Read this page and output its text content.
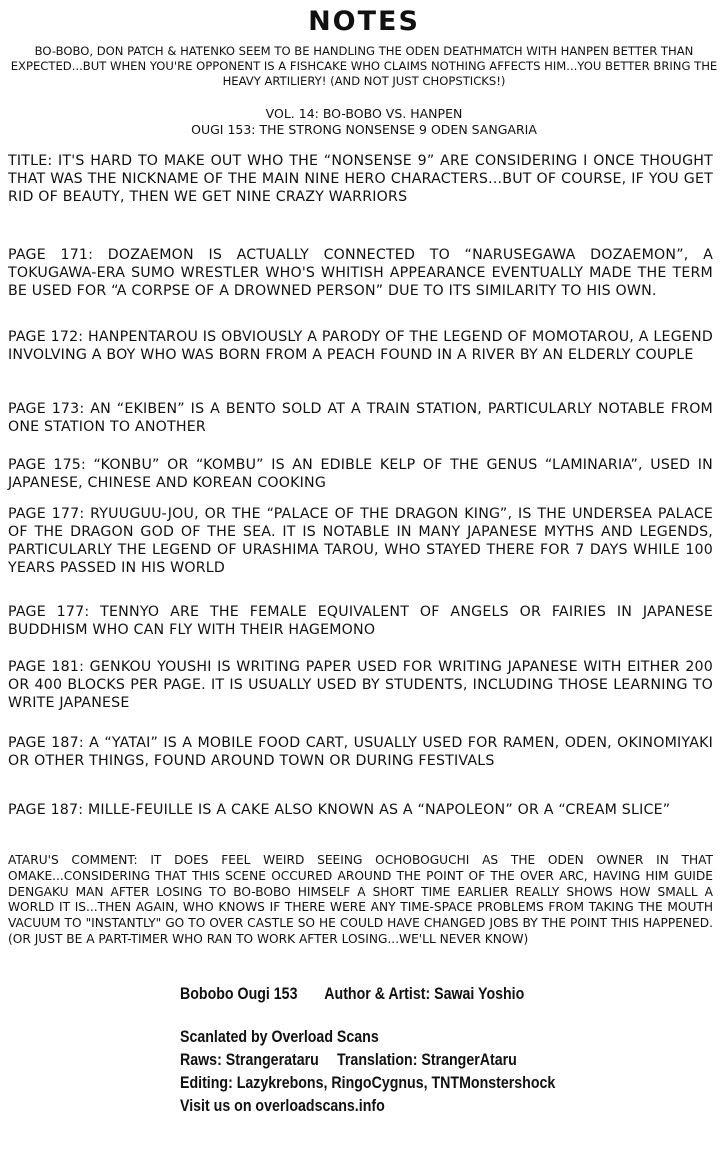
NOTES
BO-BOBO, DON PATCH & HATENKO SEEM TO BE HANDLING THE ODEN DEATHMATCH WITH HANPEN BETTER THAN EXPECTED...BUT WHEN YOU'RE OPPONENT IS A FISHCAKE WHO CLAIMS NOTHING AFFECTS HIM...YOU BETTER BRING THE HEAVY ARTILIERY! (AND NOT JUST CHOPSTICKS!)
VOL. 14: BO-BOBO VS. HANPEN
OUGI 153: THE STRONG NONSENSE 9 ODEN SANGARIA
TITLE: IT'S HARD TO MAKE OUT WHO THE “NONSENSE 9” ARE CONSIDERING I ONCE THOUGHT THAT WAS THE NICKNAME OF THE MAIN NINE HERO CHARACTERS...BUT OF COURSE, IF YOU GET RID OF BEAUTY, THEN WE GET NINE CRAZY WARRIORS
PAGE 171: DOZAEMON IS ACTUALLY CONNECTED TO “NARUSEGAWA DOZAEMON”, A TOKUGAWA-ERA SUMO WRESTLER WHO'S WHITISH APPEARANCE EVENTUALLY MADE THE TERM BE USED FOR “A CORPSE OF A DROWNED PERSON” DUE TO ITS SIMILARITY TO HIS OWN.
PAGE 172: HANPENTAROU IS OBVIOUSLY A PARODY OF THE LEGEND OF MOMOTAROU, A LEGEND INVOLVING A BOY WHO WAS BORN FROM A PEACH FOUND IN A RIVER BY AN ELDERLY COUPLE
PAGE 173: AN “EKIBEN” IS A BENTO SOLD AT A TRAIN STATION, PARTICULARLY NOTABLE FROM ONE STATION TO ANOTHER
PAGE 175: “KONBU” OR “KOMBU” IS AN EDIBLE KELP OF THE GENUS “LAMINARIA”, USED IN JAPANESE, CHINESE AND KOREAN COOKING
PAGE 177: RYUUGUU-JOU, OR THE “PALACE OF THE DRAGON KING”, IS THE UNDERSEA PALACE OF THE DRAGON GOD OF THE SEA. IT IS NOTABLE IN MANY JAPANESE MYTHS AND LEGENDS, PARTICULARLY THE LEGEND OF URASHIMA TAROU, WHO STAYED THERE FOR 7 DAYS WHILE 100 YEARS PASSED IN HIS WORLD
PAGE 177: TENNYO ARE THE FEMALE EQUIVALENT OF ANGELS OR FAIRIES IN JAPANESE BUDDHISM WHO CAN FLY WITH THEIR HAGEMONO
PAGE 181: GENKOU YOUSHI IS WRITING PAPER USED FOR WRITING JAPANESE WITH EITHER 200 OR 400 BLOCKS PER PAGE. IT IS USUALLY USED BY STUDENTS, INCLUDING THOSE LEARNING TO WRITE JAPANESE
PAGE 187: A “YATAI” IS A MOBILE FOOD CART, USUALLY USED FOR RAMEN, ODEN, OKINOMIYAKI OR OTHER THINGS, FOUND AROUND TOWN OR DURING FESTIVALS
PAGE 187: MILLE-FEUILLE IS A CAKE ALSO KNOWN AS A “NAPOLEON” OR A “CREAM SLICE”
ATARU'S COMMENT: IT DOES FEEL WEIRD SEEING OCHOBOGUCHI AS THE ODEN OWNER IN THAT OMAKE...CONSIDERING THAT THIS SCENE OCCURED AROUND THE POINT OF THE OVER ARC, HAVING HIM GUIDE DENGAKU MAN AFTER LOSING TO BO-BOBO HIMSELF A SHORT TIME EARLIER REALLY SHOWS HOW SMALL A WORLD IT IS...THEN AGAIN, WHO KNOWS IF THERE WERE ANY TIME-SPACE PROBLEMS FROM TAKING THE MOUTH VACUUM TO "INSTANTLY" GO TO OVER CASTLE SO HE COULD HAVE CHANGED JOBS BY THE POINT THIS HAPPENED. (OR JUST BE A PART-TIMER WHO RAN TO WORK AFTER LOSING...WE'LL NEVER KNOW)
Bobobo Ougi 153 Author & Artist: Sawai Yoshio
Scanlated by Overload Scans
Raws: Strangerataru Translation: StrangerAtaru
Editing: Lazykrebons, RingoCygnus, TNTMonstershock
Visit us on overloadscans.info
